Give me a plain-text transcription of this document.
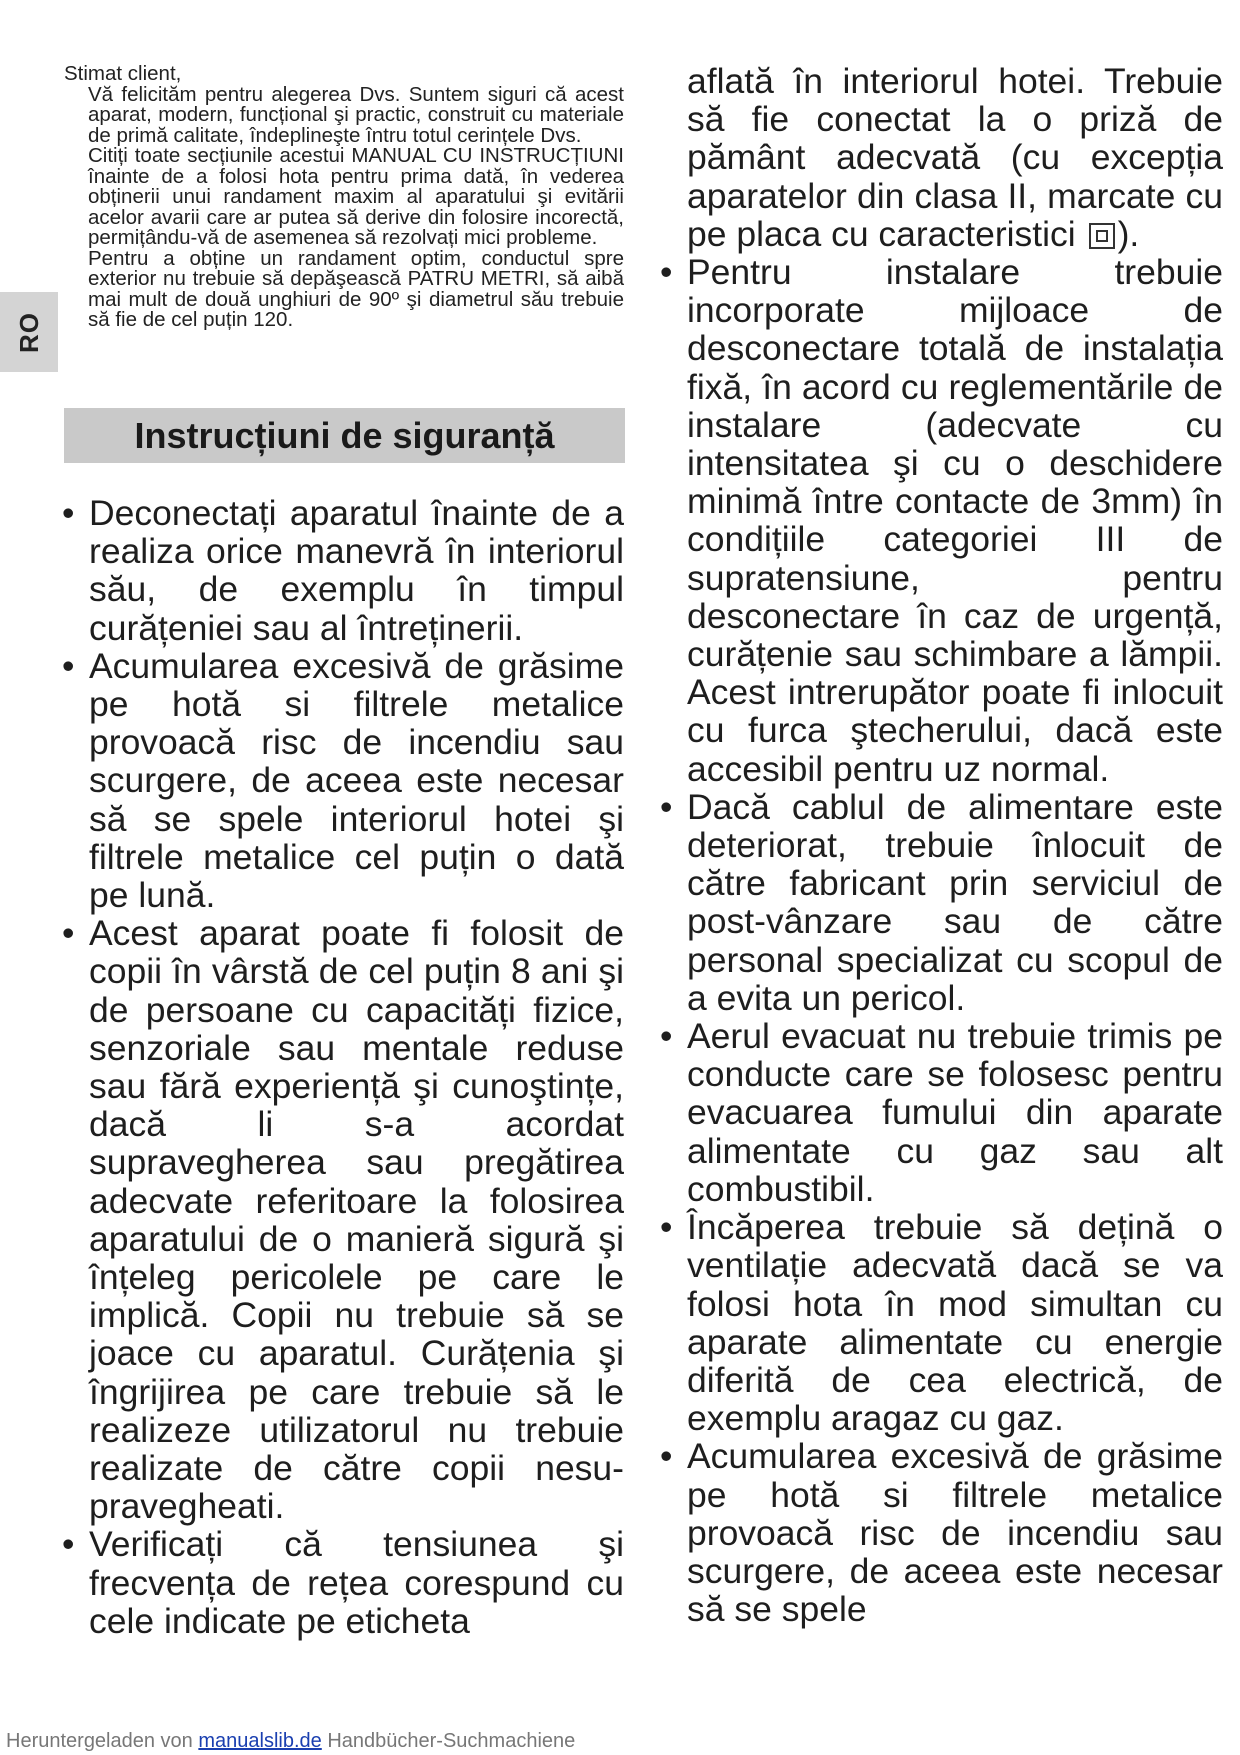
RO

Stimat client,

Vă felicităm pentru alegerea Dvs. Suntem siguri că acest aparat, modern, funcțional şi practic, construit cu materiale de primă calitate, îndeplineşte întru totul cerințele Dvs.

Citiți toate secțiunile acestui MANUAL CU INSTRUCȚIUNI înainte de a folosi hota pentru prima dată, în vederea obținerii unui randament maxim al aparatului şi evitării acelor avarii care ar putea să derive din folosire incorectă, permițându-vă de asemenea să rezolvați mici probleme.

Pentru a obține un randament optim, conductul spre exterior nu trebuie să depăşească PATRU METRI, să aibă mai mult de două unghiuri de 90º şi diametrul său trebuie să fie de cel puțin 120.

Instrucțiuni de siguranță

• Deconectați aparatul înainte de a realiza orice manevră în interiorul său, de exemplu în timpul curățeniei sau al întreținerii.

• Acumularea excesivă de grăsime pe hotă si filtrele metalice provoacă risc de incendiu sau scurgere, de aceea este necesar să se spele interiorul hotei şi filtrele metalice cel puțin o dată pe lună.

• Acest aparat poate fi folosit de copii în vârstă de cel puțin 8 ani şi de persoane cu capacități fizice, senzoriale sau mentale reduse sau fără experiență şi cunoştințe, dacă li s-a acordat supravegherea sau pregătirea adecvate referitoare la folosirea aparatului de o manieră sigură şi înțeleg pericolele pe care le implică. Copii nu trebuie să se joace cu aparatul. Curățenia şi îngrijirea pe care trebuie să le realizeze utilizatorul nu trebuie realizate de către copii nesu-pravegheati.

• Verificați că tensiunea şi frecvența de rețea corespund cu cele indicate pe eticheta

aflată în interiorul hotei. Trebuie să fie conectat la o priză de pământ adecvată (cu excepția aparatelor din clasa II, marcate cu pe placa cu caracteristici ).

• Pentru instalare trebuie incorporate mijloace de desconectare totală de instalația fixă, în acord cu reglementările de instalare (adecvate cu intensitatea şi cu o deschidere minimă între contacte de 3mm) în condițiile categoriei III de supratensiune, pentru desconectare în caz de urgență, curățenie sau schimbare a lămpii. Acest intrerupător poate fi inlocuit cu furca ştecherului, dacă este accesibil pentru uz normal.

• Dacă cablul de alimentare este deteriorat, trebuie înlocuit de către fabricant prin serviciul de post-vânzare sau de către personal specializat cu scopul de a evita un pericol.

• Aerul evacuat nu trebuie trimis pe conducte care se folosesc pentru evacuarea fumului din aparate alimentate cu gaz sau alt combustibil.

• Încăperea trebuie să dețină o ventilație adecvată dacă se va folosi hota în mod simultan cu aparate alimentate cu energie diferită de cea electrică, de exemplu aragaz cu gaz.

• Acumularea excesivă de grăsime pe hotă si filtrele metalice provoacă risc de incendiu sau scurgere, de aceea este necesar să se spele

Heruntergeladen von manualslib.de Handbücher-Suchmachiene
